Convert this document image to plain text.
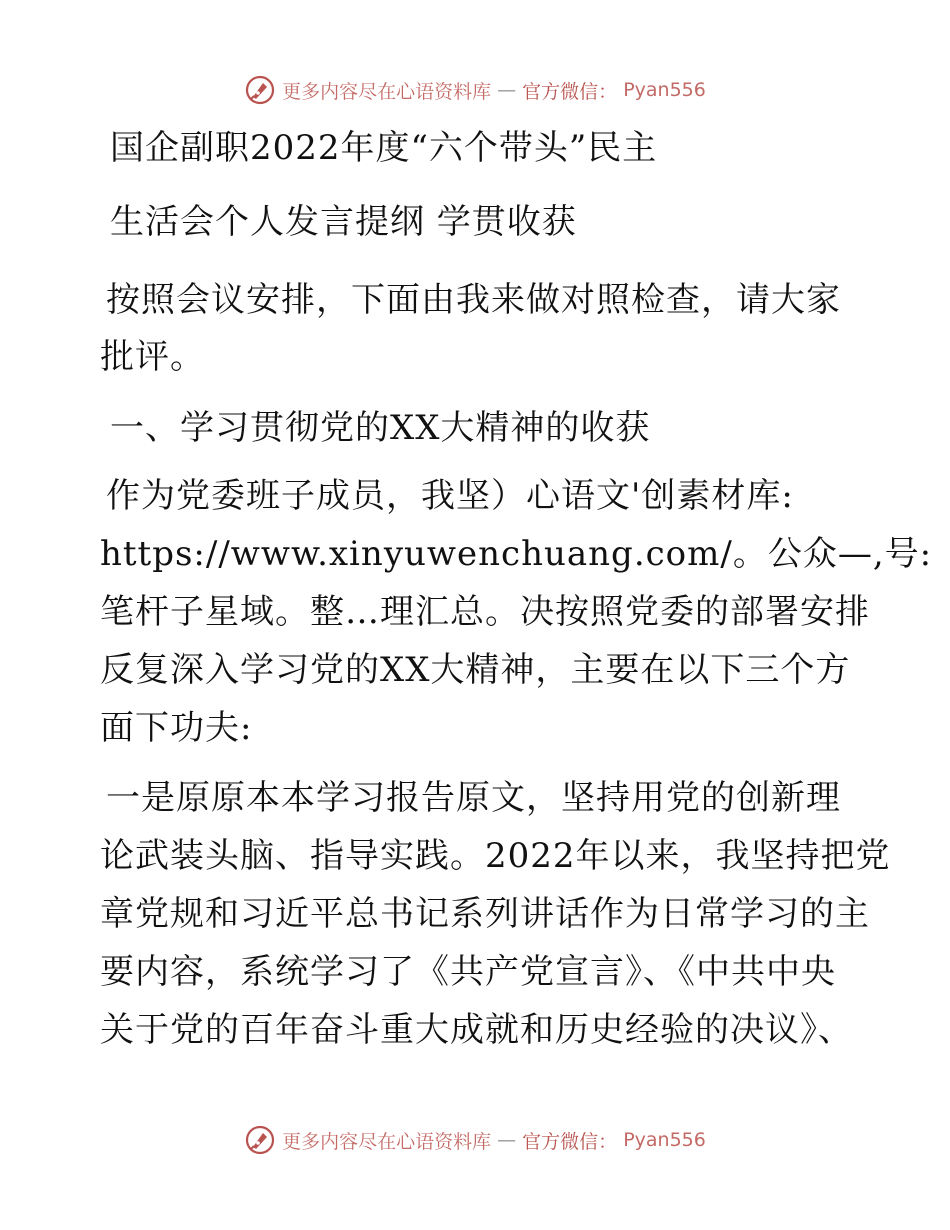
更多内容尽在心语资料库 — 官方微信： Pyan556

国企副职2022年度“六个带头”民主

生活会个人发言提纲 学贯收获

按照会议安排，下面由我来做对照检查，请大家
批评。

一、学习贯彻党的XX大精神的收获

作为党委班子成员，我坚）心语文'创素材库:
https://www.xinyuwenchuang.com/。公众—,号:
笔杆子星域。整…理汇总。决按照党委的部署安排
反复深入学习党的XX大精神，主要在以下三个方
面下功夫:

一是原原本本学习报告原文，坚持用党的创新理
论武装头脑、指导实践。2022年以来，我坚持把党
章党规和习近平总书记系列讲话作为日常学习的主
要内容，系统学习了《共产党宣言》、《中共中央
关于党的百年奋斗重大成就和历史经验的决议》、

更多内容尽在心语资料库 — 官方微信： Pyan556
